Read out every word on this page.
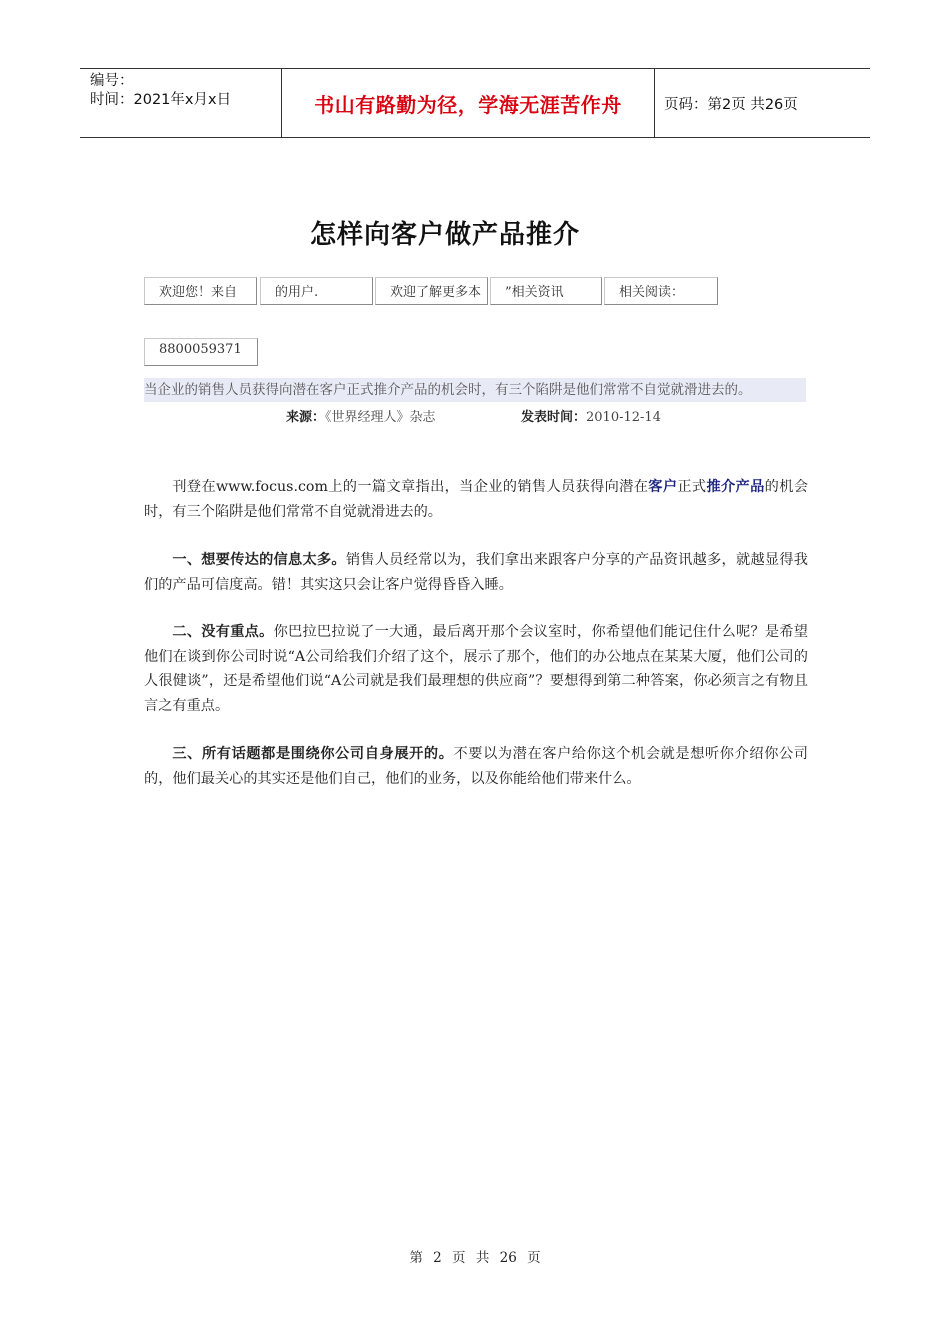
编号：
时间：2021年x月x日	书山有路勤为径，学海无涯苦作舟	页码：第2页 共26页
怎样向客户做产品推介
欢迎您！来自	的用户.	欢迎了解更多本	”相关资讯	相关阅读：
8800059371
当企业的销售人员获得向潜在客户正式推介产品的机会时，有三个陷阱是他们常常不自觉就滑进去的。
来源：《世界经理人》杂志	发表时间：2010-12-14
刊登在www.focus.com上的一篇文章指出，当企业的销售人员获得向潜在客户正式推介产品的机会时，有三个陷阱是他们常常不自觉就滑进去的。
一、想要传达的信息太多。销售人员经常以为，我们拿出来跟客户分享的产品资讯越多，就越显得我们的产品可信度高。错！其实这只会让客户觉得昏昏入睡。
二、没有重点。你巴拉巴拉说了一大通，最后离开那个会议室时，你希望他们能记住什么呢？是希望他们在谈到你公司时说“A公司给我们介绍了这个，展示了那个，他们的办公地点在某某大厦，他们公司的人很健谈”，还是希望他们说“A公司就是我们最理想的供应商”？要想得到第二种答案，你必须言之有物且言之有重点。
三、所有话题都是围绕你公司自身展开的。不要以为潜在客户给你这个机会就是想听你介绍你公司的，他们最关心的其实还是他们自己，他们的业务，以及你能给他们带来什么。
第 2 页 共 26 页
